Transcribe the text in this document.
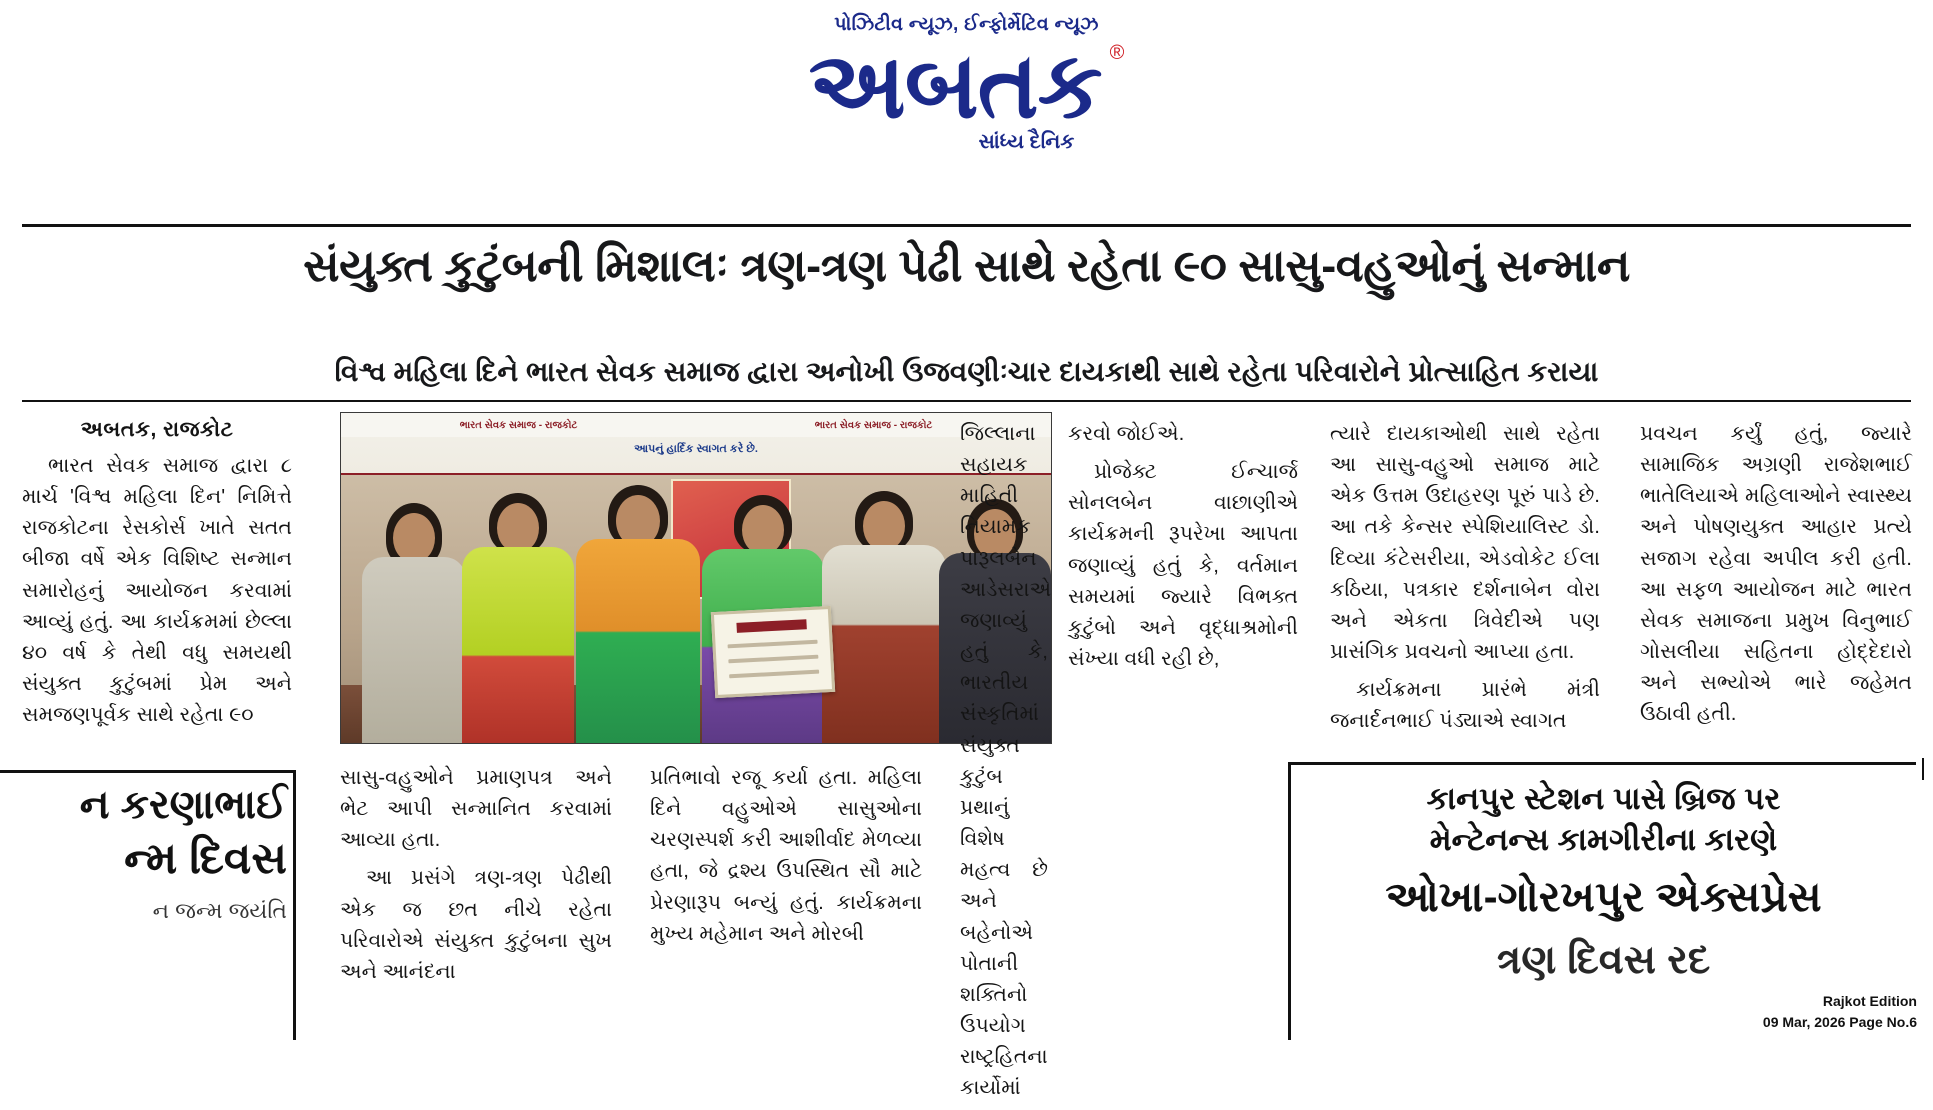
પોઝિટીવ ન્યૂઝ, ઈન્ફોર્મેટિવ ન્યૂઝ
અબતક ®
સાંધ્ય દૈનિક
સંયુક્ત કુટુંબની મિશાલઃ ત્રણ-ત્રણ પેઢી સાથે રહેતા ૯૦ સાસુ-વહુઓનું સન્માન
વિશ્વ મહિલા દિને ભારત સેવક સમાજ દ્વારા અનોખી ઉજવણીઃચાર દાયકાથી સાથે રહેતા પરિવારોને પ્રોત્સાહિત કરાયા
અબતક, રાજકોટ

ભારત સેવક સમાજ દ્વારા ૮ માર્ચ 'વિશ્વ મહિલા દિન' નિમિત્તે રાજકોટના રેસકોર્સ ખાતે સતત બીજા વર્ષે એક વિશિષ્ટ સન્માન સમારોહનું આયોજન કરવામાં આવ્યું હતું. આ કાર્યક્રમમાં છેલ્લા ૪૦ વર્ષ કે તેથી વધુ સમયથી સંયુક્ત કુટુંબમાં પ્રેમ અને સમજણપૂર્વક સાથે રહેતા ૯૦

ભારત સેવક સમાજ - રાજકોટ	ભારત સેવક સમાજ - રાજકોટ
આપનું હાર્દિક સ્વાગત કરે છે.

સાસુ-વહુઓને પ્રમાણપત્ર અને ભેટ આપી સન્માનિત કરવામાં આવ્યા હતા.

આ પ્રસંગે ત્રણ-ત્રણ પેઢીથી એક જ છત નીચે રહેતા પરિવારોએ સંયુક્ત કુટુંબના સુખ અને આનંદના

પ્રતિભાવો રજૂ કર્યા હતા. મહિલા દિને વહુઓએ સાસુઓના ચરણસ્પર્શ કરી આશીર્વાદ મેળવ્યા હતા, જે દ્રશ્ય ઉપસ્થિત સૌ માટે પ્રેરણારૂપ બન્યું હતું. કાર્યક્રમના મુખ્ય મહેમાન અને મોરબી

જિલ્લાના સહાયક માહિતી નિયામક પારૂલબેન આડેસરાએ જણાવ્યું હતું કે, ભારતીય સંસ્કૃતિમાં સંયુક્ત કુટુંબ પ્રથાનું વિશેષ મહત્વ છે અને બહેનોએ પોતાની શક્તિનો ઉપયોગ રાષ્ટ્રહિતના કાર્યોમાં

કરવો જોઈએ.

પ્રોજેક્ટ ઈન્ચાર્જ સોનલબેન વાછાણીએ કાર્યક્રમની રૂપરેખા આપતા જણાવ્યું હતું કે, વર્તમાન સમયમાં જ્યારે વિભક્ત કુટુંબો અને વૃદ્ધાશ્રમોની સંખ્યા વધી રહી છે,

ત્યારે દાયકાઓથી સાથે રહેતા આ સાસુ-વહુઓ સમાજ માટે એક ઉત્તમ ઉદાહરણ પૂરું પાડે છે. આ તકે કેન્સર સ્પેશિયાલિસ્ટ ડો. દિવ્યા કંટેસરીયા, એડવોકેટ ઈલા કઠિયા, પત્રકાર દર્શનાબેન વોરા અને એકતા ત્રિવેદીએ પણ પ્રાસંગિક પ્રવચનો આપ્યા હતા.

કાર્યક્રમના પ્રારંભે મંત્રી જનાર્દનભાઈ પંડ્યાએ સ્વાગત

પ્રવચન કર્યું હતું, જ્યારે સામાજિક અગ્રણી રાજેશભાઈ ભાતેલિયાએ મહિલાઓને સ્વાસ્થ્ય અને પોષણયુક્ત આહાર પ્રત્યે સજાગ રહેવા અપીલ કરી હતી. આ સફળ આયોજન માટે ભારત સેવક સમાજના પ્રમુખ વિનુભાઈ ગોસલીયા સહિતના હોદ્દેદારો અને સભ્યોએ ભારે જહેમત ઉઠાવી હતી.

ન કરણાભાઈ
ન્મ દિવસ
ન જન્મ જયંતિ
કાનપુર સ્ટેશન પાસે બ્રિજ પર
મેન્ટેનન્સ કામગીરીના કારણે
ઓખા-ગોરખપુર એક્સપ્રેસ
ત્રણ દિવસ રદ
Rajkot Edition
09 Mar, 2026 Page No.6
